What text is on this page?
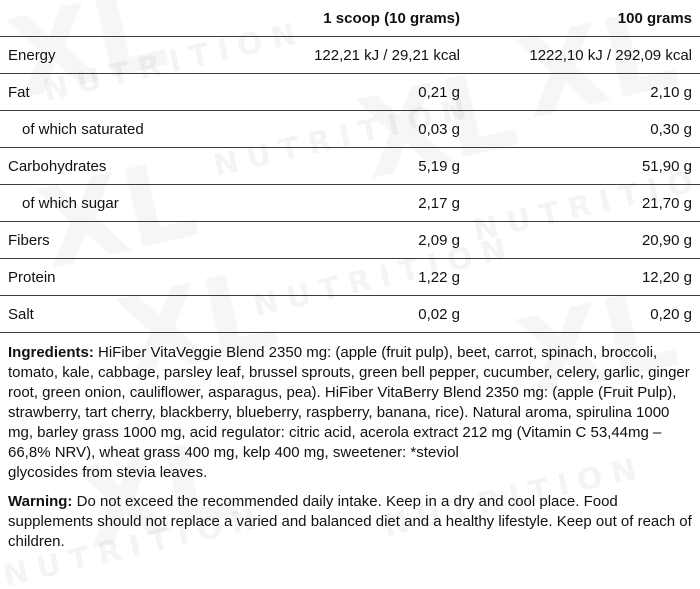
	1 scoop (10 grams)	100 grams
Energy	122,21 kJ / 29,21 kcal	1222,10 kJ / 292,09 kcal
Fat	0,21 g	2,10 g
of which saturated	0,03 g	0,30 g
Carbohydrates	5,19 g	51,90 g
of which sugar	2,17 g	21,70 g
Fibers	2,09 g	20,90 g
Protein	1,22 g	12,20 g
Salt	0,02 g	0,20 g

Ingredients: HiFiber VitaVeggie Blend 2350 mg: (apple (fruit pulp), beet, carrot, spinach, broccoli, tomato, kale, cabbage, parsley leaf, brussel sprouts, green bell pepper, cucumber, celery, garlic, ginger root, green onion, cauliflower, asparagus, pea). HiFiber VitaBerry Blend 2350 mg: (apple (Fruit Pulp), strawberry, tart cherry, blackberry, blueberry, raspberry, banana, rice). Natural aroma, spirulina 1000 mg, barley grass 1000 mg, acid regulator: citric acid, acerola extract 212 mg (Vitamin C 53,44mg – 66,8% NRV), wheat grass 400 mg, kelp 400 mg, sweetener: *steviol
glycosides from stevia leaves.

Warning: Do not exceed the recommended daily intake. Keep in a dry and cool place. Food supplements should not replace a varied and balanced diet and a healthy lifestyle. Keep out of reach of children.
